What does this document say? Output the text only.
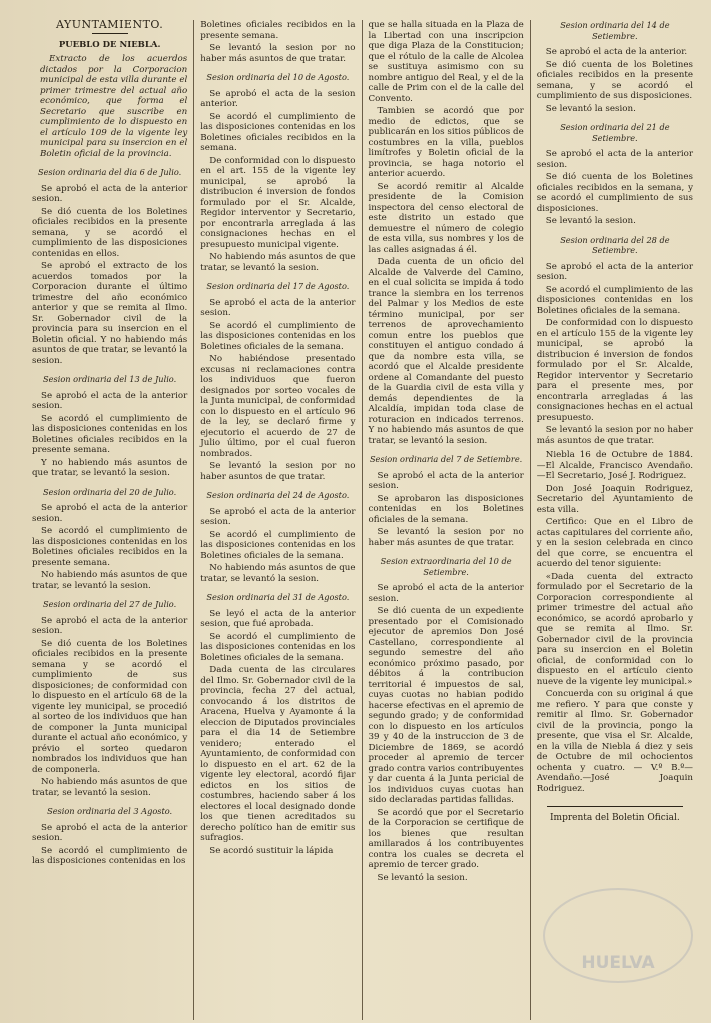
AYUNTAMIENTO.
PUEBLO DE NIEBLA.

Extracto de los acuerdos dictados por la Corporacion municipal de esta villa durante el primer trimestre del actual año económico, que forma el Secretario que suscribe en cumplimiento de lo dispuesto en el artículo 109 de la vigente ley municipal para su insercion en el Boletin oficial de la provincia.

Sesion ordinaria del dia 6 de Julio.

Se aprobó el acta de la anterior sesion.

Se dió cuenta de los Boletines oficiales recibidos en la presente semana, y se acordó el cumplimiento de las disposiciones contenidas en ellos.

Se aprobó el extracto de los acuerdos tomados por la Corporacion durante el último trimestre del año económico anterior y que se remita al Ilmo. Sr. Gobernador civil de la provincia para su insercion en el Boletin oficial. Y no habiendo más asuntos de que tratar, se levantó la sesion.

Sesion ordinaria del 13 de Julio.

Se aprobó el acta de la anterior sesion.

Se acordó el cumplimiento de las disposiciones contenidas en los Boletines oficiales recibidos en la presente semana.

Y no habiendo más asuntos de que tratar, se levantó la sesion.

Sesion ordinaria del 20 de Julio.

Se aprobó el acta de la anterior sesion.

Se acordó el cumplimiento de las disposiciones contenidas en los Boletines oficiales recibidos en la presente semana.

No habiendo más asuntos de que tratar, se levantó la sesion.

Sesion ordinaria del 27 de Julio.

Se aprobó el acta de la anterior sesion.

Se dió cuenta de los Boletines oficiales recibidos en la presente semana y se acordó el cumplimiento de sus disposiciones; de conformidad con lo dispuesto en el artículo 68 de la vigente ley municipal, se procedió al sorteo de los individuos que han de componer la Junta municipal durante el actual año económico, y prévio el sorteo quedaron nombrados los individuos que han de componerla.

No habiendo más asuntos de que tratar, se levantó la sesion.

Sesion ordinaria del 3 Agosto.

Se aprobó el acta de la anterior sesion.

Se acordó el cumplimiento de las disposiciones contenidas en los

Boletines oficiales recibidos en la presente semana.

Se levantó la sesion por no haber más asuntos de que tratar.

Sesion ordinaria del 10 de Agosto.

Se aprobó el acta de la sesion anterior.

Se acordó el cumplimiento de las disposiciones contenidas en los Boletines oficiales recibidos en la semana.

De conformidad con lo dispuesto en el art. 155 de la vigente ley municipal, se aprobó la distribucion é inversion de fondos formulado por el Sr. Alcalde, Regidor interventor y Secretario, por encontrarla arreglada á las consignaciones hechas en el presupuesto municipal vigente.

No habiendo más asuntos de que tratar, se levantó la sesion.

Sesion ordinaria del 17 de Agosto.

Se aprobó el acta de la anterior sesion.

Se acordó el cumplimiento de las disposiciones contenidas en los Boletines oficiales de la semana.

No habiéndose presentado excusas ni reclamaciones contra los individuos que fueron designados por sorteo vocales de la Junta municipal, de conformidad con lo dispuesto en el artículo 96 de la ley, se declaró firme y ejecutorio el acuerdo de 27 de Julio último, por el cual fueron nombrados.

Se levantó la sesion por no haber asuntos de que tratar.

Sesion ordinaria del 24 de Agosto.

Se aprobó el acta de la anterior sesion.

Se acordó el cumplimiento de las disposiciones contenidas en los Boletines oficiales de la semana.

No habiendo más asuntos de que tratar, se levantó la sesion.

Sesion ordinaria del 31 de Agosto.

Se leyó el acta de la anterior sesion, que fué aprobada.

Se acordó el cumplimiento de las disposiciones contenidas en los Boletines oficiales de la semana.

Dada cuenta de las circulares del Ilmo. Sr. Gobernador civil de la provincia, fecha 27 del actual, convocando á los distritos de Aracena, Huelva y Ayamonte á la eleccion de Diputados provinciales para el dia 14 de Setiembre venidero; enterado el Ayuntamiento, de conformidad con lo dispuesto en el art. 62 de la vigente ley electoral, acordó fijar edictos en los sitios de costumbres, haciendo saber á los electores el local designado donde los que tienen acreditados su derecho político han de emitir sus sufragios.

Se acordó sustituir la lápida

que se halla situada en la Plaza de la Libertad con una inscripcion que diga Plaza de la Constitucion; que el rótulo de la calle de Alcolea se sustituya asimismo con su nombre antiguo del Real, y el de la calle de Prim con el de la calle del Convento.

Tambien se acordó que por medio de edictos, que se publicarán en los sitios públicos de costumbres en la villa, pueblos limítrofes y Boletin oficial de la provincia, se haga notorio el anterior acuerdo.

Se acordó remitir al Alcalde presidente de la Comision inspectora del censo electoral de este distrito un estado que demuestre el número de colegio de esta villa, sus nombres y los de las calles asignadas á él.

Dada cuenta de un oficio del Alcalde de Valverde del Camino, en el cual solicita se impida á todo trance la siembra en los terrenos del Palmar y los Medios de este término municipal, por ser terrenos de aprovechamiento comun entre los pueblos que constituyen el antiguo condado á que da nombre esta villa, se acordó que el Alcalde presidente ordene al Comandante del puesto de la Guardia civil de esta villa y demás dependientes de la Alcaldía, impidan toda clase de roturacion en indicados terrenos. Y no habiendo más asuntos de que tratar, se levantó la sesion.

Sesion ordinaria del 7 de Setiembre.

Se aprobó el acta de la anterior sesion.

Se aprobaron las disposiciones contenidas en los Boletines oficiales de la semana.

Se levantó la sesion por no haber más asuntes de que tratar.

Sesion extraordinaria del 10 de Setiembre.

Se aprobó el acta de la anterior sesion.

Se dió cuenta de un expediente presentado por el Comisionado ejecutor de apremios Don José Castellano, correspondiente al segundo semestre del año económico próximo pasado, por débitos á la contribucion territorial é impuestos de sal, cuyas cuotas no habian podido hacerse efectivas en el apremio de segundo grado; y de conformidad con lo dispuesto en los artículos 39 y 40 de la instruccion de 3 de Diciembre de 1869, se acordó proceder al apremio de tercer grado contra varios contribuyentes y dar cuenta á la Junta pericial de los individuos cuyas cuotas han sido declaradas partidas fallidas.

Se acordó que por el Secretario de la Corporacion se certifique de los bienes que resultan amillarados á los contribuyentes contra los cuales se decreta el apremio de tercer grado.

Se levantó la sesion.

Sesion ordinaria del 14 de Setiembre.

Se aprobó el acta de la anterior.

Se dió cuenta de los Boletines oficiales recibidos en la presente semana, y se acordó el cumplimiento de sus disposiciones.

Se levantó la sesion.

Sesion ordinaria del 21 de Setiembre.

Se aprobó el acta de la anterior sesion.

Se dió cuenta de los Boletines oficiales recibidos en la semana, y se acordó el cumplimiento de sus disposiciones.

Se levantó la sesion.

Sesion ordinaria del 28 de Setiembre.

Se aprobó el acta de la anterior sesion.

Se acordó el cumplimiento de las disposiciones contenidas en los Boletines oficiales de la semana.

De conformidad con lo dispuesto en el artículo 155 de la vigente ley municipal, se aprobó la distribucion é inversion de fondos formulado por el Sr. Alcalde, Regidor interventor y Secretario para el presente mes, por encontrarla arregladas á las consignaciones hechas en el actual presupuesto.

Se levantó la sesion por no haber más asuntos de que tratar.

Niebla 16 de Octubre de 1884. —El Alcalde, Francisco Avendaño.—El Secretario, José J. Rodriguez.

Don José Joaquin Rodriguez, Secretario del Ayuntamiento de esta villa.

Certifico: Que en el Libro de actas capitulares del corriente año, y en la sesion celebrada en cinco del que corre, se encuentra el acuerdo del tenor siguiente:

«Dada cuenta del extracto formulado por el Secretario de la Corporacion correspondiente al primer trimestre del actual año económico, se acordó aprobarlo y que se remita al Ilmo. Sr. Gobernador civil de la provincia para su insercion en el Boletin oficial, de conformidad con lo dispuesto en el artículo ciento nueve de la vigente ley municipal.»

Concuerda con su original á que me refiero. Y para que conste y remitir al Ilmo. Sr. Gobernador civil de la provincia, pongo la presente, que visa el Sr. Alcalde, en la villa de Niebla á diez y seis de Octubre de mil ochocientos ochenta y cuatro. — V.º B.º—Avendaño.—José Joaquin Rodriguez.

Imprenta del Boletin Oficial.

HUELVA
